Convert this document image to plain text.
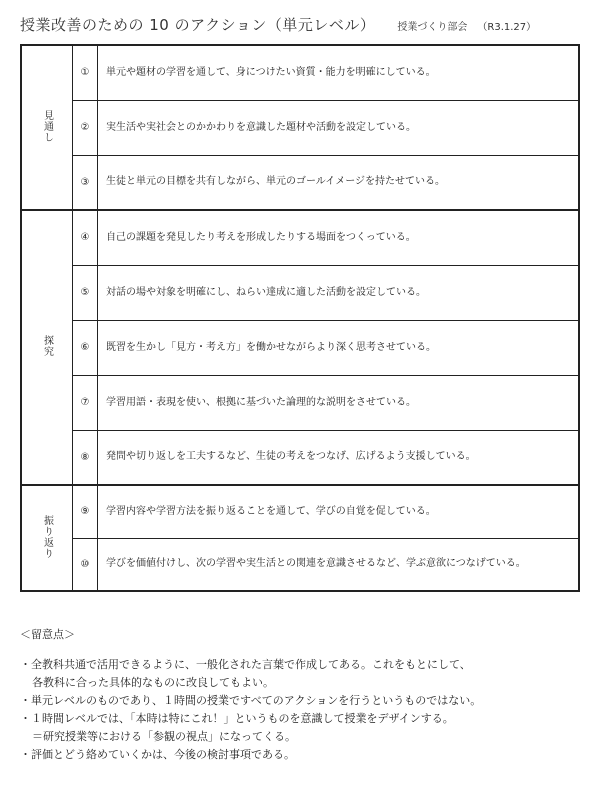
授業改善のための 10 のアクション（単元レベル） 授業づくり部会 （R3.1.27）
見通し	①	単元や題材の学習を通して、身につけたい資質・能力を明確にしている。
	②	実生活や実社会とのかかわりを意識した題材や活動を設定している。
	③	生徒と単元の目標を共有しながら、単元のゴールイメージを持たせている。
探究	④	自己の課題を発見したり考えを形成したりする場面をつくっている。
	⑤	対話の場や対象を明確にし、ねらい達成に適した活動を設定している。
	⑥	既習を生かし「見方・考え方」を働かせながらより深く思考させている。
	⑦	学習用語・表現を使い、根拠に基づいた論理的な説明をさせている。
	⑧	発問や切り返しを工夫するなど、生徒の考えをつなげ、広げるよう支援している。
振り返り	⑨	学習内容や学習方法を振り返ることを通して、学びの自覚を促している。
	⑩	学びを価値付けし、次の学習や実生活との関連を意識させるなど、学ぶ意欲につなげている。
＜留意点＞
・全教科共通で活用できるように、一般化された言葉で作成してある。これをもとにして、
各教科に合った具体的なものに改良してもよい。
・単元レベルのものであり、１時間の授業ですべてのアクションを行うというものではない。
・１時間レベルでは、「本時は特にこれ！」というものを意識して授業をデザインする。
＝研究授業等における「参観の視点」になってくる。
・評価とどう絡めていくかは、今後の検討事項である。
